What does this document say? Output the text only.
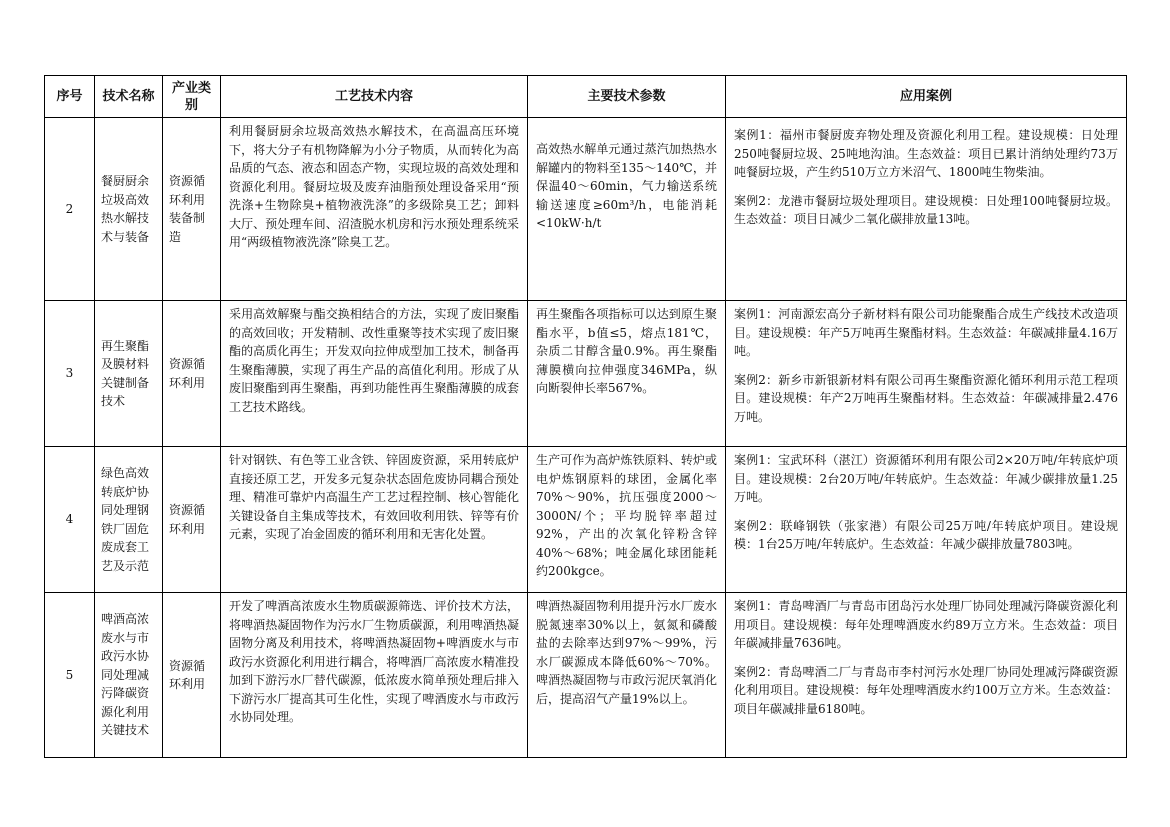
序号	技术名称	产业类别	工艺技术内容	主要技术参数	应用案例
2	餐厨厨余垃圾高效热水解技术与装备	资源循环利用装备制造	利用餐厨厨余垃圾高效热水解技术，在高温高压环境下，将大分子有机物降解为小分子物质，从而转化为高品质的气态、液态和固态产物，实现垃圾的高效处理和资源化利用。餐厨垃圾及废弃油脂预处理设备采用“预洗涤+生物除臭+植物液洗涤”的多级除臭工艺；卸料大厅、预处理车间、沼渣脱水机房和污水预处理系统采用“两级植物液洗涤”除臭工艺。	高效热水解单元通过蒸汽加热热水解罐内的物料至135～140℃，并保温40～60min，气力输送系统输送速度≥60m³/h，电能消耗<10kW·h/t	案例1：福州市餐厨废弃物处理及资源化利用工程。建设规模：日处理250吨餐厨垃圾、25吨地沟油。生态效益：项目已累计消纳处理约73万吨餐厨垃圾，产生约510万立方米沼气、1800吨生物柴油。
案例2：龙港市餐厨垃圾处理项目。建设规模：日处理100吨餐厨垃圾。生态效益：项目日减少二氧化碳排放量13吨。

3	再生聚酯及膜材料关键制备技术	资源循环利用	采用高效解聚与酯交换相结合的方法，实现了废旧聚酯的高效回收；开发精制、改性重聚等技术实现了废旧聚酯的高质化再生；开发双向拉伸成型加工技术，制备再生聚酯薄膜，实现了再生产品的高值化利用。形成了从废旧聚酯到再生聚酯，再到功能性再生聚酯薄膜的成套工艺技术路线。	再生聚酯各项指标可以达到原生聚酯水平，b值≤5，熔点181℃，杂质二甘醇含量0.9%。再生聚酯薄膜横向拉伸强度346MPa，纵向断裂伸长率567%。	案例1：河南源宏高分子新材料有限公司功能聚酯合成生产线技术改造项目。建设规模：年产5万吨再生聚酯材料。生态效益：年碳减排量4.16万吨。
案例2：新乡市新银新材料有限公司再生聚酯资源化循环利用示范工程项目。建设规模：年产2万吨再生聚酯材料。生态效益：年碳减排量2.476万吨。

4	绿色高效转底炉协同处理钢铁厂固危废成套工艺及示范	资源循环利用	针对钢铁、有色等工业含铁、锌固废资源，采用转底炉直接还原工艺，开发多元复杂状态固危废协同耦合预处理、精准可靠炉内高温生产工艺过程控制、核心智能化关键设备自主集成等技术，有效回收利用铁、锌等有价元素，实现了冶金固废的循环利用和无害化处置。	生产可作为高炉炼铁原料、转炉或电炉炼钢原料的球团，金属化率70%～90%，抗压强度2000～3000N/个；平均脱锌率超过92%，产出的次氧化锌粉含锌40%～68%；吨金属化球团能耗约200kgce。	案例1：宝武环科（湛江）资源循环利用有限公司2×20万吨/年转底炉项目。建设规模：2台20万吨/年转底炉。生态效益：年减少碳排放量1.25万吨。
案例2：联峰钢铁（张家港）有限公司25万吨/年转底炉项目。建设规模：1台25万吨/年转底炉。生态效益：年减少碳排放量7803吨。

5	啤酒高浓废水与市政污水协同处理减污降碳资源化利用关键技术	资源循环利用	开发了啤酒高浓废水生物质碳源筛选、评价技术方法，将啤酒热凝固物作为污水厂生物质碳源，利用啤酒热凝固物分离及利用技术，将啤酒热凝固物+啤酒废水与市政污水资源化利用进行耦合，将啤酒厂高浓废水精准投加到下游污水厂替代碳源，低浓废水简单预处理后排入下游污水厂提高其可生化性，实现了啤酒废水与市政污水协同处理。	啤酒热凝固物利用提升污水厂废水脱氮速率30%以上，氨氮和磷酸盐的去除率达到97%～99%，污水厂碳源成本降低60%～70%。啤酒热凝固物与市政污泥厌氧消化后，提高沼气产量19%以上。	案例1：青岛啤酒厂与青岛市团岛污水处理厂协同处理减污降碳资源化利用项目。建设规模：每年处理啤酒废水约89万立方米。生态效益：项目年碳减排量7636吨。
案例2：青岛啤酒二厂与青岛市李村河污水处理厂协同处理减污降碳资源化利用项目。建设规模：每年处理啤酒废水约100万立方米。生态效益：项目年碳减排量6180吨。
